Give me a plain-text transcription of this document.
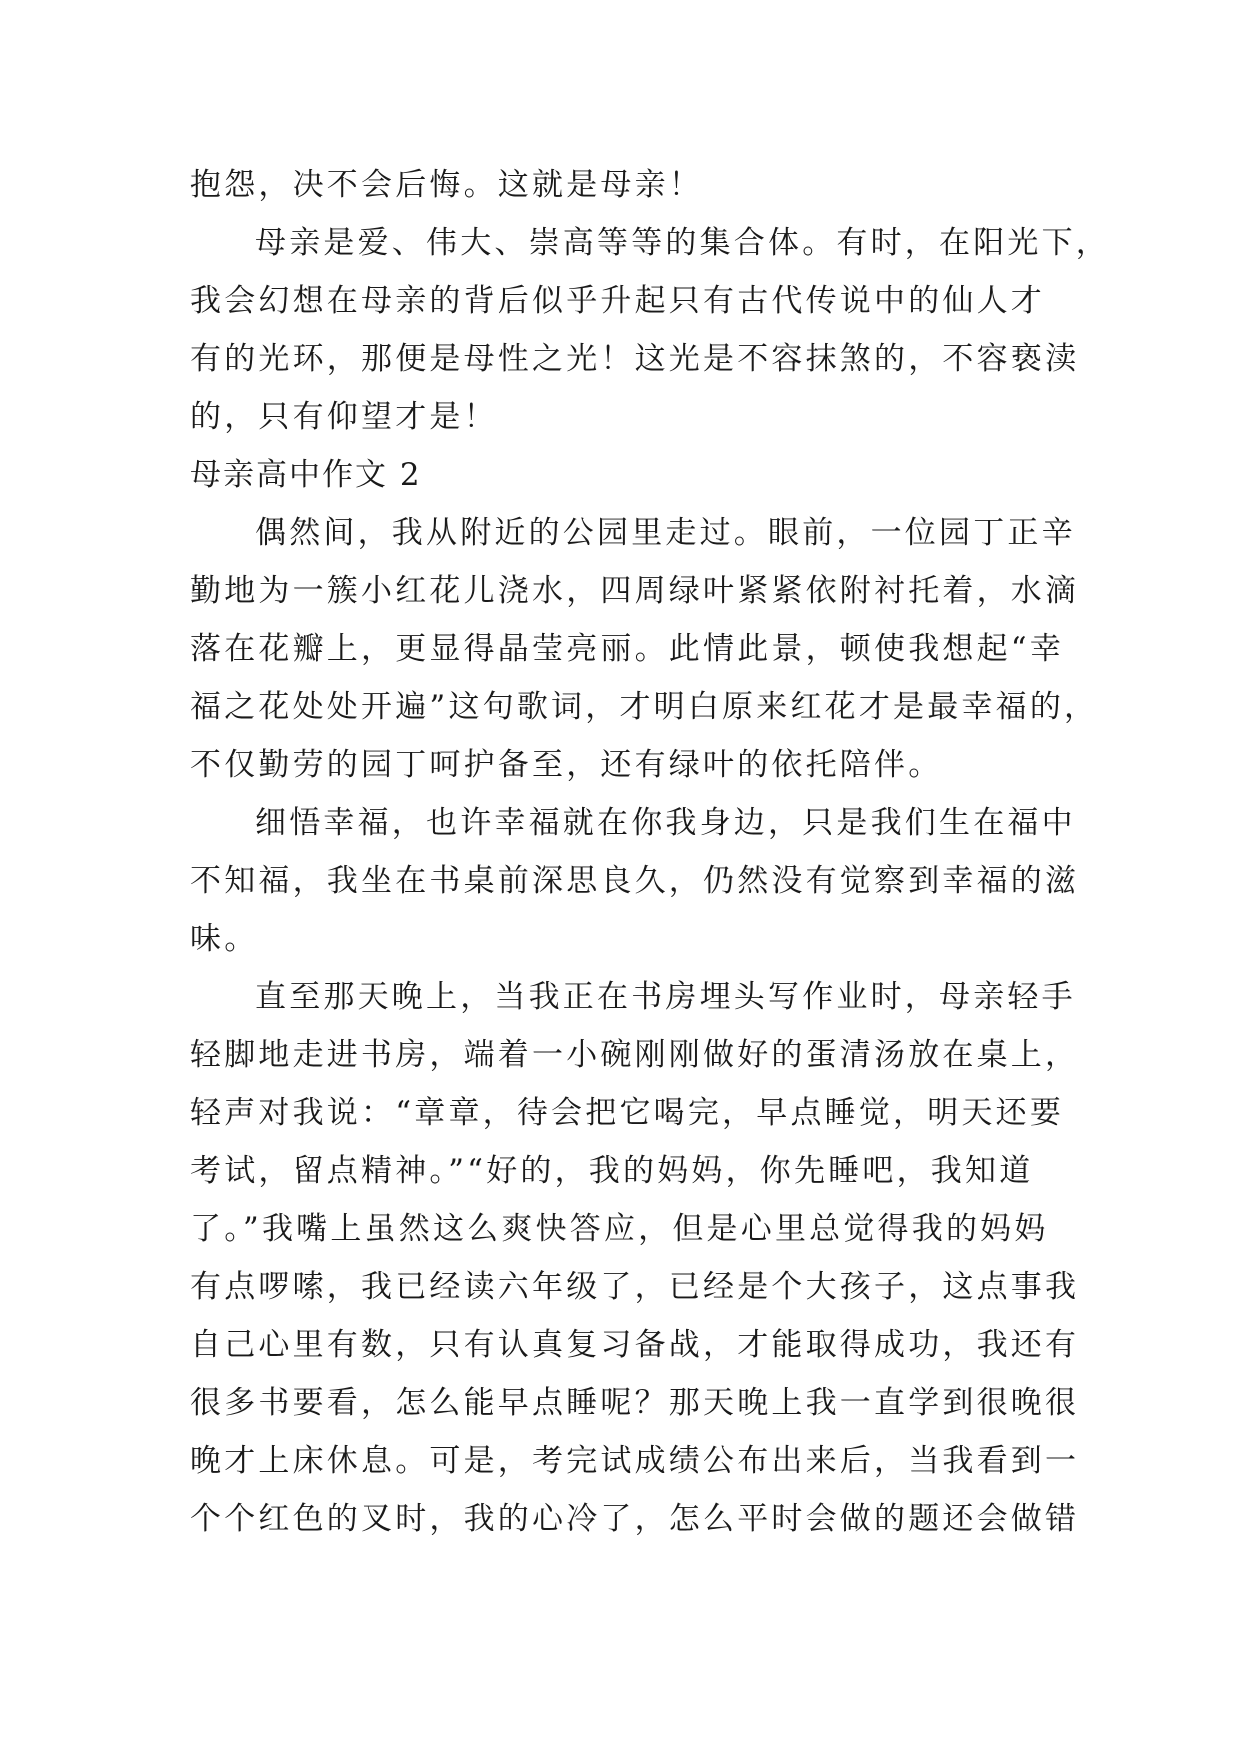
抱怨，决不会后悔。这就是母亲！
母亲是爱、伟大、崇高等等的集合体。有时，在阳光下，
我会幻想在母亲的背后似乎升起只有古代传说中的仙人才
有的光环，那便是母性之光！这光是不容抹煞的，不容亵渎
的，只有仰望才是！
母亲高中作文 2
偶然间，我从附近的公园里走过。眼前，一位园丁正辛
勤地为一簇小红花儿浇水，四周绿叶紧紧依附衬托着，水滴
落在花瓣上，更显得晶莹亮丽。此情此景，顿使我想起“幸
福之花处处开遍”这句歌词，才明白原来红花才是最幸福的，
不仅勤劳的园丁呵护备至，还有绿叶的依托陪伴。
细悟幸福，也许幸福就在你我身边，只是我们生在福中
不知福，我坐在书桌前深思良久，仍然没有觉察到幸福的滋
味。
直至那天晚上，当我正在书房埋头写作业时，母亲轻手
轻脚地走进书房，端着一小碗刚刚做好的蛋清汤放在桌上，
轻声对我说：“章章，待会把它喝完，早点睡觉，明天还要
考试，留点精神。”“好的，我的妈妈，你先睡吧，我知道
了。”我嘴上虽然这么爽快答应，但是心里总觉得我的妈妈
有点啰嗦，我已经读六年级了，已经是个大孩子，这点事我
自己心里有数，只有认真复习备战，才能取得成功，我还有
很多书要看，怎么能早点睡呢？那天晚上我一直学到很晚很
晚才上床休息。可是，考完试成绩公布出来后，当我看到一
个个红色的叉时，我的心冷了，怎么平时会做的题还会做错
